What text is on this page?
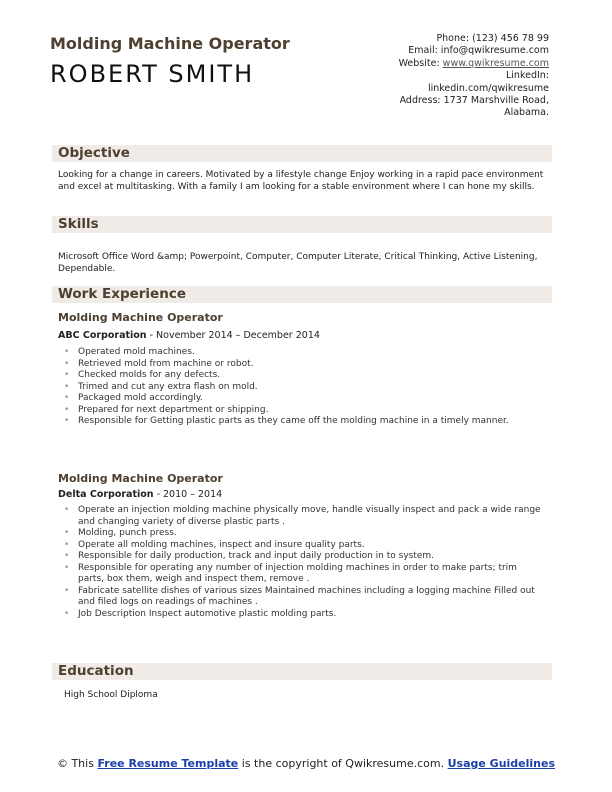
Molding Machine Operator
ROBERT SMITH
Phone: (123) 456 78 99
Email: info@qwikresume.com
Website: www.qwikresume.com
LinkedIn:
linkedin.com/qwikresume
Address: 1737 Marshville Road, Alabama.
Objective
Looking for a change in careers. Motivated by a lifestyle change Enjoy working in a rapid pace environment and excel at multitasking. With a family I am looking for a stable environment where I can hone my skills.
Skills
Microsoft Office Word &amp; Powerpoint, Computer, Computer Literate, Critical Thinking, Active Listening, Dependable.
Work Experience
Molding Machine Operator
ABC Corporation - November 2014 – December 2014
• Operated mold machines.
• Retrieved mold from machine or robot.
• Checked molds for any defects.
• Trimed and cut any extra flash on mold.
• Packaged mold accordingly.
• Prepared for next department or shipping.
• Responsible for Getting plastic parts as they came off the molding machine in a timely manner.
Molding Machine Operator
Delta Corporation - 2010 – 2014
• Operate an injection molding machine physically move, handle visually inspect and pack a wide range and changing variety of diverse plastic parts .
• Molding, punch press.
• Operate all molding machines, inspect and insure quality parts.
• Responsible for daily production, track and input daily production in to system.
• Responsible for operating any number of injection molding machines in order to make parts; trim parts, box them, weigh and inspect them, remove .
• Fabricate satellite dishes of various sizes Maintained machines including a logging machine Filled out and filed logs on readings of machines .
• Job Description Inspect automotive plastic molding parts.
Education
High School Diploma
© This Free Resume Template is the copyright of Qwikresume.com. Usage Guidelines
